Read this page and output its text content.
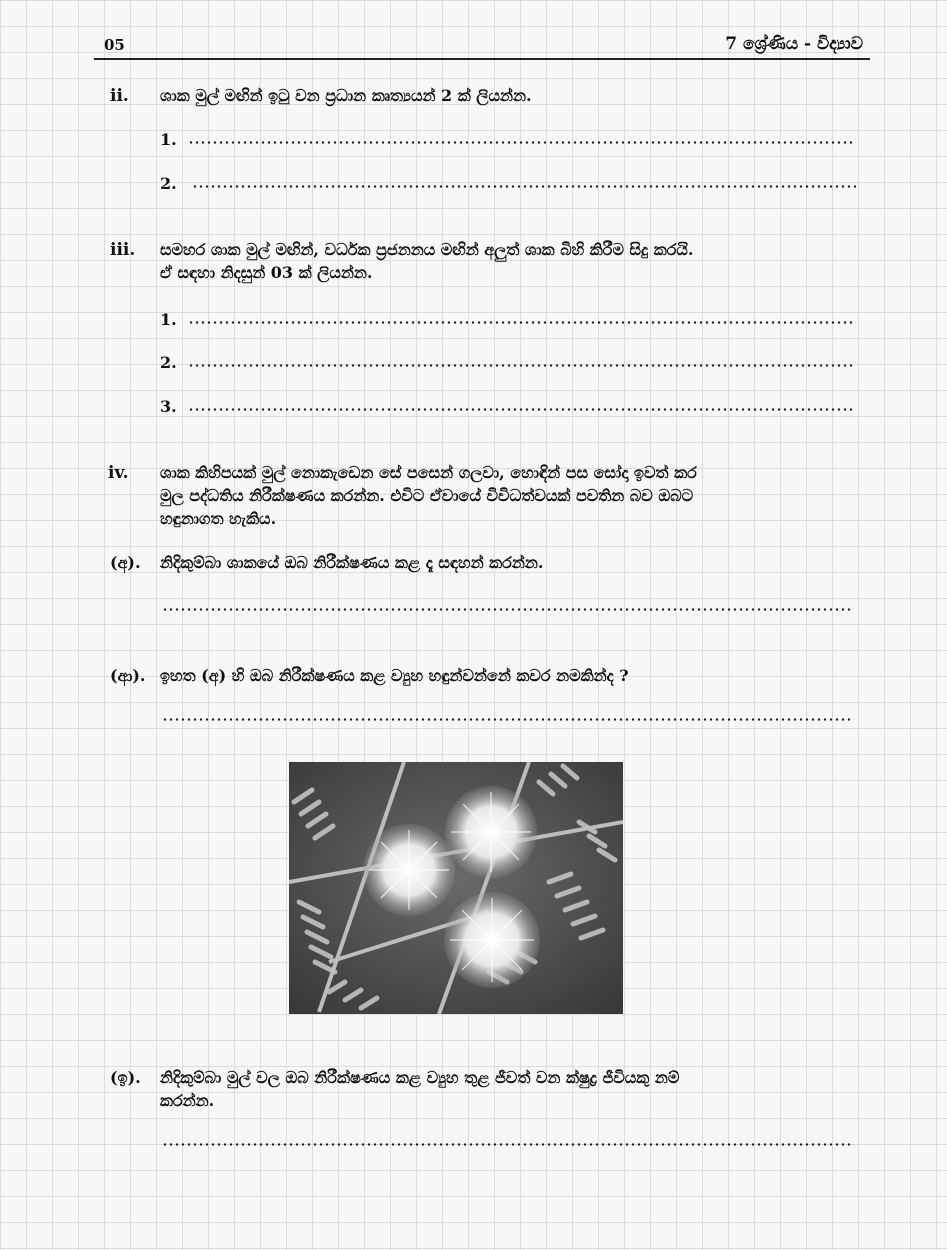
05	7 ශ්‍රේණිය - විද්‍යාව
ii. ශාක මුල් මඟින් ඉටු වන ප්‍රධාන කෘත්‍යයන් 2 ක් ලියන්න.
1.
2.
iii. සමහර ශාක මුල් මඟින්, වර්ධක ප්‍රජනනය මඟින් අලුත් ශාක බිහි කිරීම සිදු කරයි.
ඒ සඳහා නිදසුන් 03 ක් ලියන්න.
1.
2.
3.
iv. ශාක කිහිපයක් මුල් නොකැඩෙන සේ පසෙන් ගලවා, හොඳින් පස සෝදා ඉවත් කර
මුල පද්ධතිය නිරීක්ෂණය කරන්න. එවිට ඒවායේ විවිධත්වයක් පවතින බව ඔබට
හඳුනාගත හැකිය.
(අ). නිදිකුම්බා ශාකයේ ඔබ නිරීක්ෂණය කළ දෑ සඳහන් කරන්න.
(ආ). ඉහත (අ) හි ඔබ නිරීක්ෂණය කළ ව්‍යුහ හඳුන්වන්නේ කවර නමකින්ද ?
(ඉ). නිදිකුම්බා මුල් වල ඔබ නිරීක්ෂණය කළ ව්‍යුහ තුළ ජීවත් වන ක්ෂුද්‍ර ජීවියකු නම්
කරන්න.
